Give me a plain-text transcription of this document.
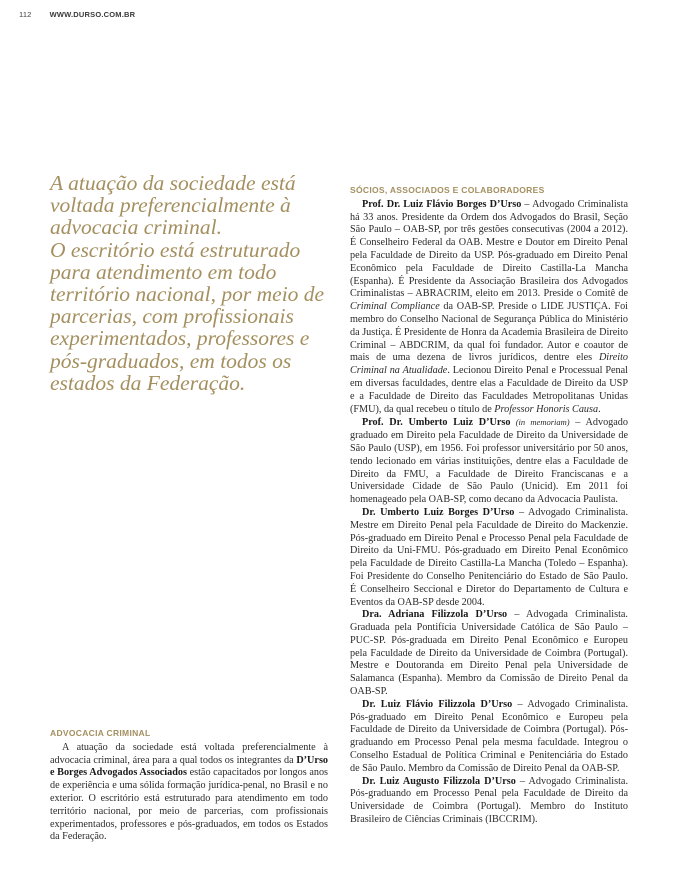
112 WWW.DURSO.COM.BR

A atuação da sociedade está voltada preferencialmente à advocacia criminal.

O escritório está estruturado para atendimento em todo território nacional, por meio de parcerias, com profissionais experimentados, professores e pós-graduados, em todos os estados da Federação.

SÓCIOS, ASSOCIADOS E COLABORADORES

Prof. Dr. Luiz Flávio Borges D’Urso – Advogado Criminalista há 33 anos. Presidente da Ordem dos Advogados do Brasil, Seção São Paulo – OAB-SP, por três gestões consecutivas (2004 a 2012). É Conselheiro Federal da OAB. Mestre e Doutor em Direito Penal pela Faculdade de Direito da USP. Pós-graduado em Direito Penal Econômico pela Faculdade de Direito Castilla-La Mancha (Espanha). É Presidente da Associação Brasileira dos Advogados Criminalistas – ABRACRIM, eleito em 2013. Preside o Comitê de Criminal Compliance da OAB-SP. Preside o LIDE JUSTIÇA. Foi membro do Conselho Nacional de Segurança Pública do Ministério da Justiça. É Presidente de Honra da Academia Brasileira de Direito Criminal – ABDCRIM, da qual foi fundador. Autor e coautor de mais de uma dezena de livros jurídicos, dentre eles Direito Criminal na Atualidade. Lecionou Direito Penal e Processual Penal em diversas faculdades, dentre elas a Faculdade de Direito da USP e a Faculdade de Direito das Faculdades Metropolitanas Unidas (FMU), da qual recebeu o título de Professor Honoris Causa.

Prof. Dr. Umberto Luiz D’Urso (in memoriam) – Advogado graduado em Direito pela Faculdade de Direito da Universidade de São Paulo (USP), em 1956. Foi professor universitário por 50 anos, tendo lecionado em várias instituições, dentre elas a Faculdade de Direito da FMU, a Faculdade de Direito Franciscanas e a Universidade Cidade de São Paulo (Unicid). Em 2011 foi homenageado pela OAB-SP, como decano da Advocacia Paulista.

Dr. Umberto Luiz Borges D’Urso – Advogado Criminalista. Mestre em Direito Penal pela Faculdade de Direito do Mackenzie. Pós-graduado em Direito Penal e Processo Penal pela Faculdade de Direito da Uni-FMU. Pós-graduado em Direito Penal Econômico pela Faculdade de Direito Castilla-La Mancha (Toledo – Espanha). Foi Presidente do Conselho Penitenciário do Estado de São Paulo. É Conselheiro Seccional e Diretor do Departamento de Cultura e Eventos da OAB-SP desde 2004.

Dra. Adriana Filizzola D’Urso – Advogada Criminalista. Graduada pela Pontifícia Universidade Católica de São Paulo – PUC-SP. Pós-graduada em Direito Penal Econômico e Europeu pela Faculdade de Direito da Universidade de Coimbra (Portugal). Mestre e Doutoranda em Direito Penal pela Universidade de Salamanca (Espanha). Membro da Comissão de Direito Penal da OAB-SP.

Dr. Luiz Flávio Filizzola D’Urso – Advogado Criminalista. Pós-graduado em Direito Penal Econômico e Europeu pela Faculdade de Direito da Universidade de Coimbra (Portugal). Pós-graduando em Processo Penal pela mesma faculdade. Integrou o Conselho Estadual de Política Criminal e Penitenciária do Estado de São Paulo. Membro da Comissão de Direito Penal da OAB-SP.

Dr. Luiz Augusto Filizzola D’Urso – Advogado Criminalista. Pós-graduando em Processo Penal pela Faculdade de Direito da Universidade de Coimbra (Portugal). Membro do Instituto Brasileiro de Ciências Criminais (IBCCRIM).

ADVOCACIA CRIMINAL

A atuação da sociedade está voltada preferencialmente à advocacia criminal, área para a qual todos os integrantes da D’Urso e Borges Advogados Associados estão capacitados por longos anos de experiência e uma sólida formação jurídica-penal, no Brasil e no exterior. O escritório está estruturado para atendimento em todo território nacional, por meio de parcerias, com profissionais experimentados, professores e pós-graduados, em todos os Estados da Federação.
